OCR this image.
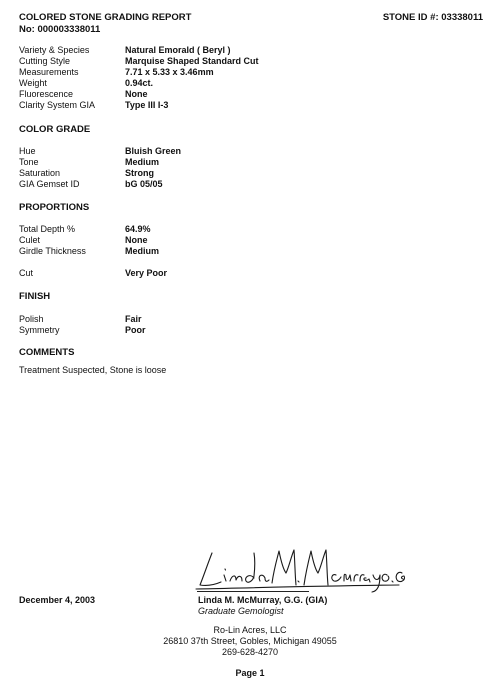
COLORED STONE GRADING REPORT
No: 000003338011
STONE ID #: 03338011
Variety & Species	Natural Emorald ( Beryl )
Cutting Style	Marquise Shaped Standard Cut
Measurements	7.71 x 5.33 x 3.46mm
Weight	0.94ct.
Fluorescence	None
Clarity System GIA	Type III I-3
COLOR GRADE
Hue	Bluish Green
Tone	Medium
Saturation	Strong
GIA Gemset ID	bG 05/05
PROPORTIONS
Total Depth %	64.9%
Culet	None
Girdle Thickness	Medium
Cut	Very Poor
FINISH
Polish	Fair
Symmetry	Poor
COMMENTS
Treatment Suspected, Stone is loose
December 4, 2003	Linda M. McMurray, G.G. (GIA)
Graduate Gemologist
Ro-Lin Acres, LLC
26810 37th Street, Gobles, Michigan 49055
269-628-4270
Page 1
